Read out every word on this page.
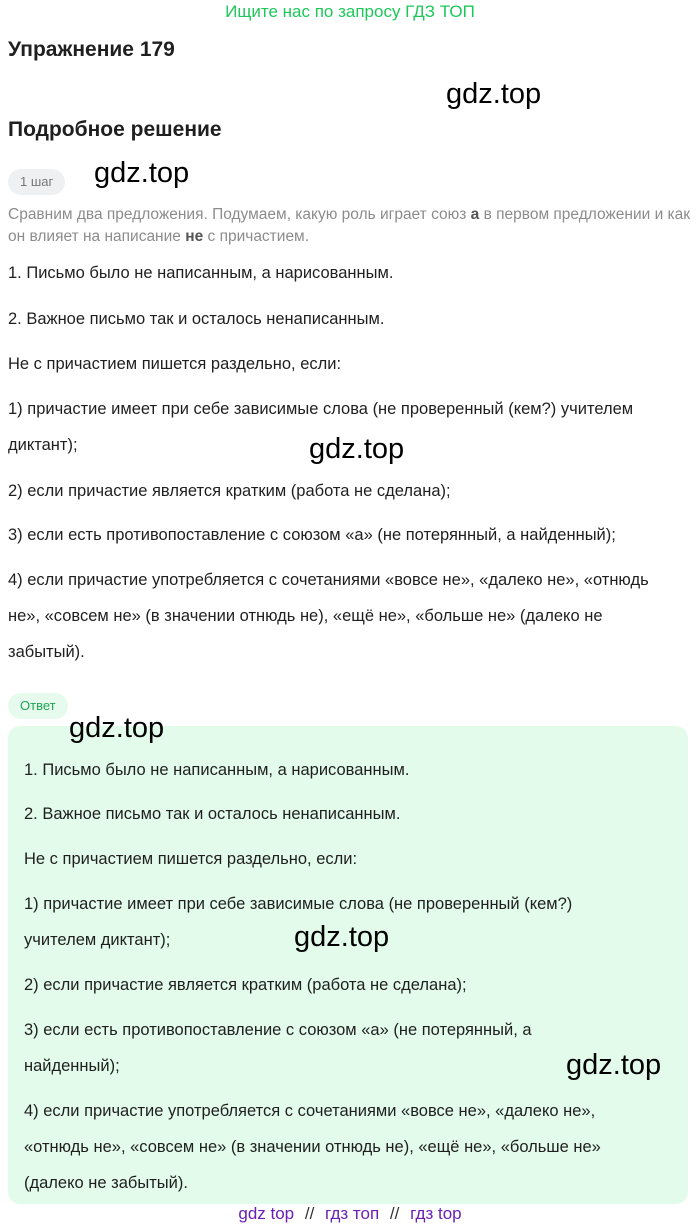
Ищите нас по запросу ГДЗ ТОП
Упражнение 179
gdz.top
Подробное решение
1 шаг	gdz.top

Сравним два предложения. Подумаем, какую роль играет союз а в первом предложении и как он влияет на написание не с причастием.

1. Письмо было не написанным, а нарисованным.

2. Важное письмо так и осталось ненаписанным.

Не с причастием пишется раздельно, если:

1) причастие имеет при себе зависимые слова (не проверенный (кем?) учителем диктант);

2) если причастие является кратким (работа не сделана);

3) если есть противопоставление с союзом «а» (не потерянный, а найденный);

4) если причастие употребляется с сочетаниями «вовсе не», «далеко не», «отнюдь не», «совсем не» (в значении отнюдь не), «ещё не», «больше не» (далеко не забытый).

gdz.top
Ответ

1. Письмо было не написанным, а нарисованным.

2. Важное письмо так и осталось ненаписанным.

Не с причастием пишется раздельно, если:

1) причастие имеет при себе зависимые слова (не проверенный (кем?) учителем диктант);

2) если причастие является кратким (работа не сделана);

3) если есть противопоставление с союзом «а» (не потерянный, а найденный);

4) если причастие употребляется с сочетаниями «вовсе не», «далеко не», «отнюдь не», «совсем не» (в значении отнюдь не), «ещё не», «больше не» (далеко не забытый).

gdz.top
gdz.top
gdz.top
gdz top // гдз топ // гдз top
